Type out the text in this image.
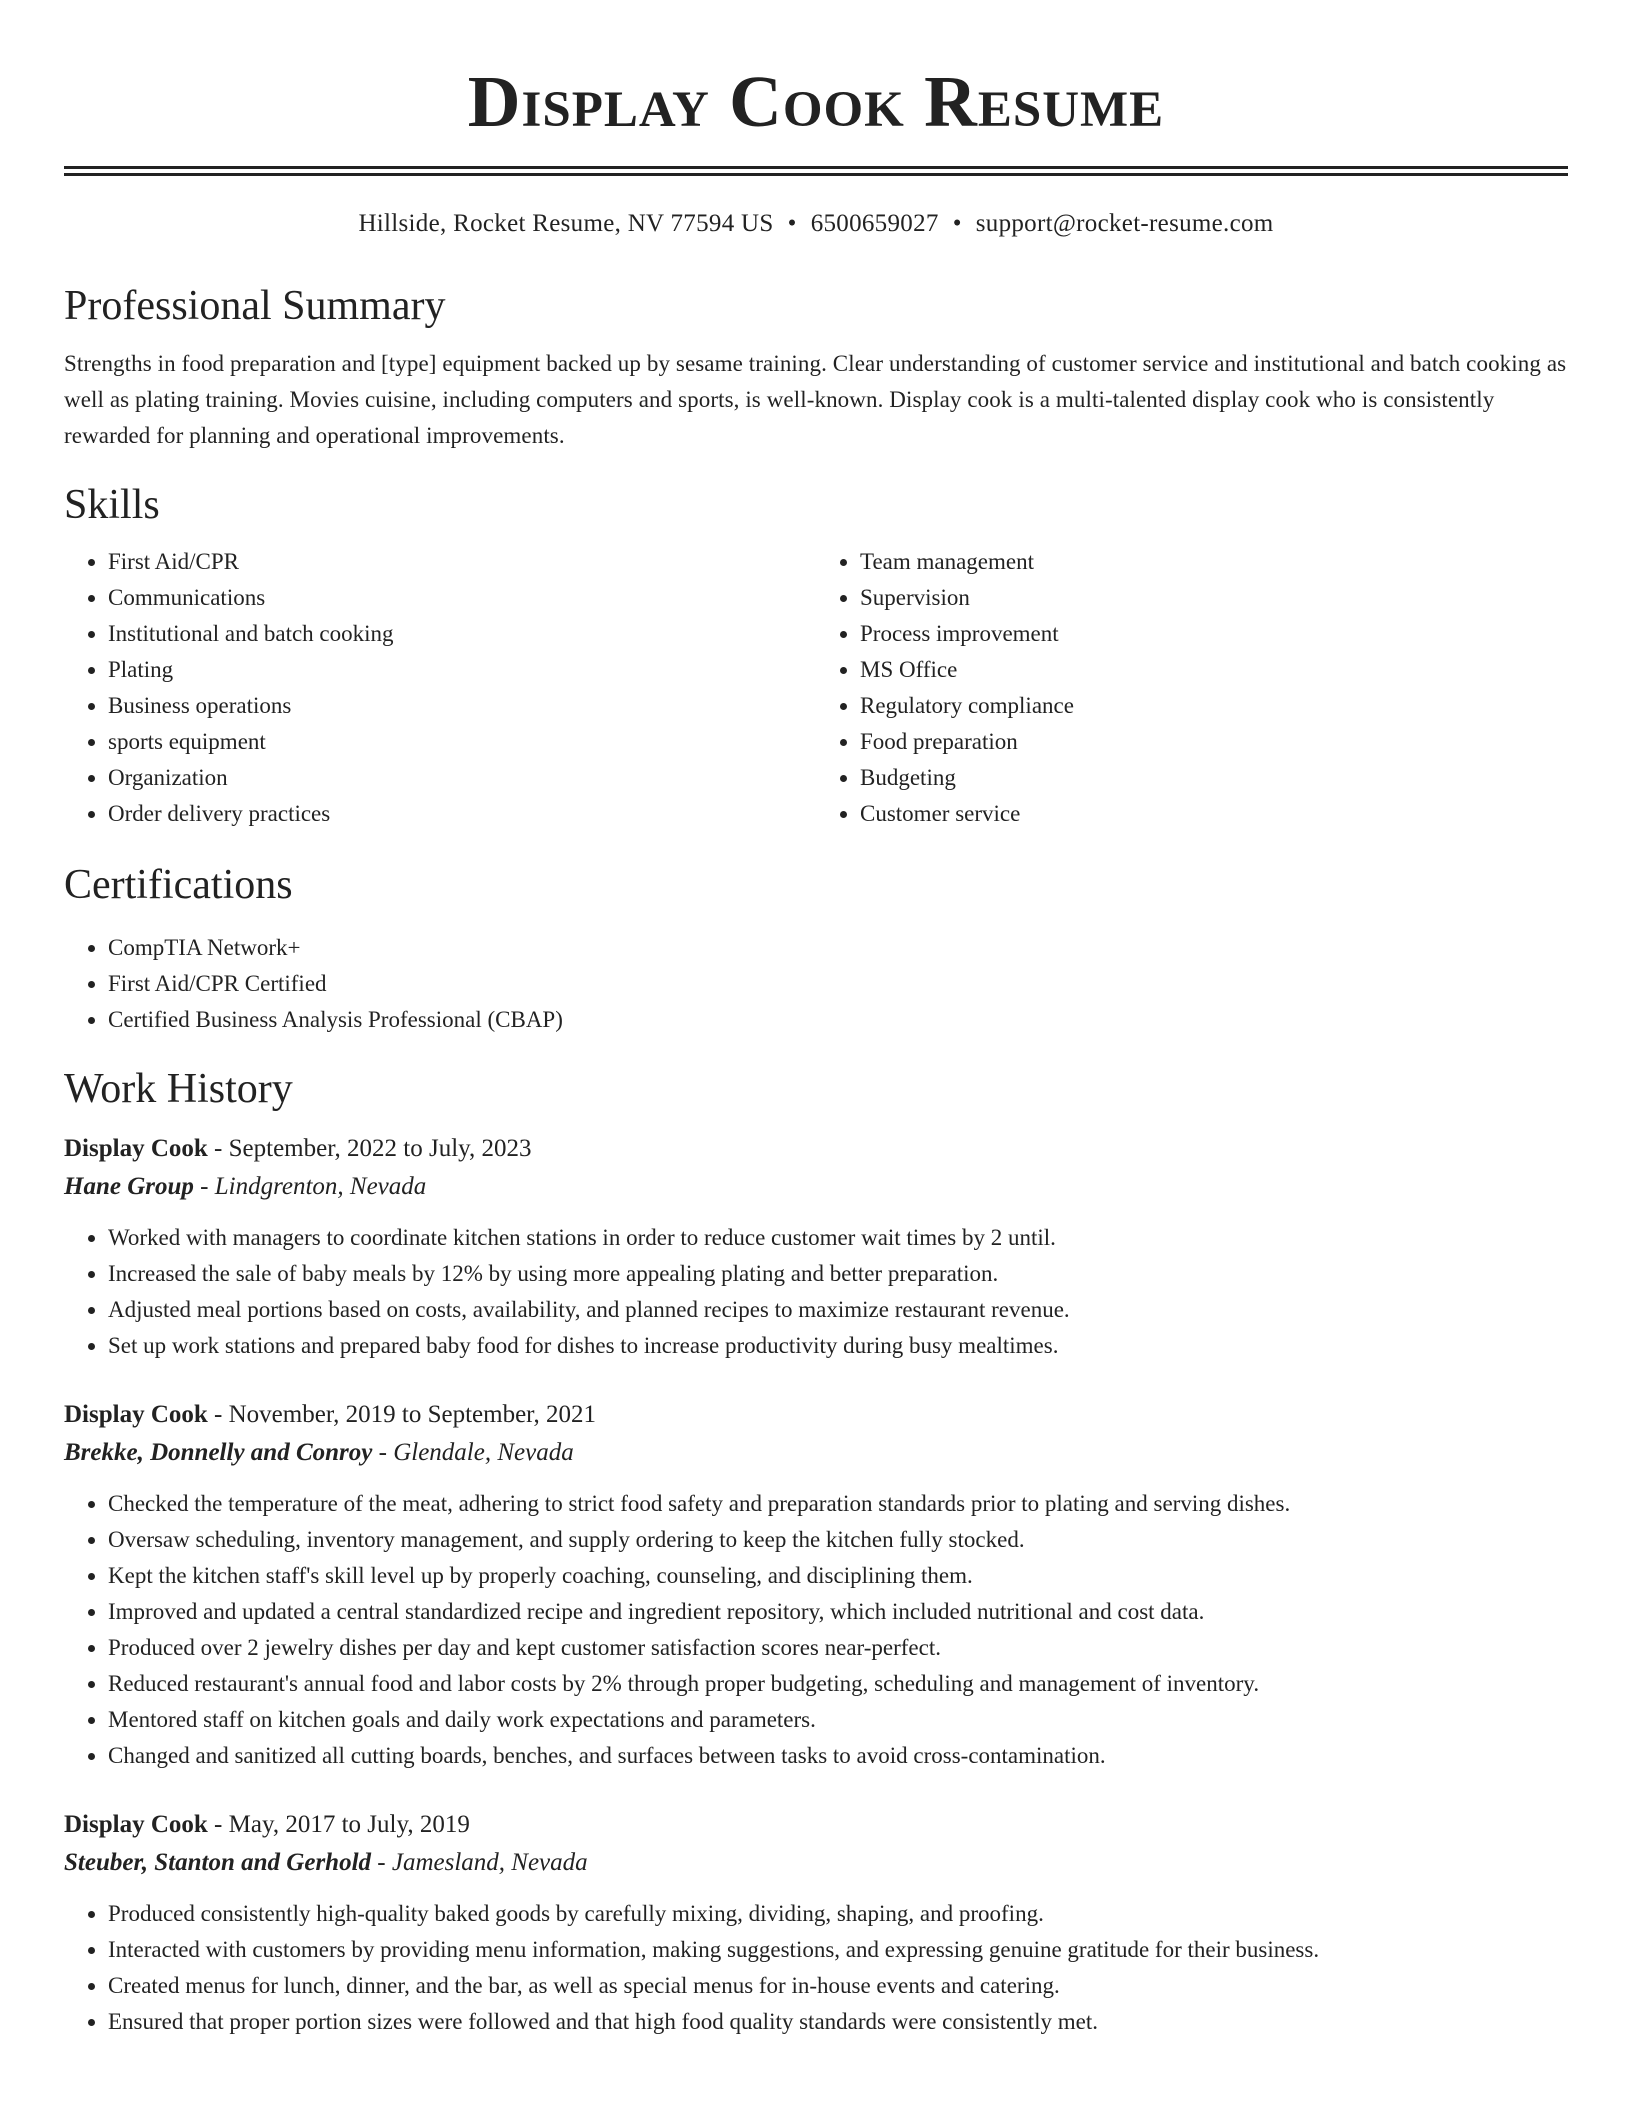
Display Cook Resume
Hillside, Rocket Resume, NV 77594 US • 6500659027 • support@rocket-resume.com
Professional Summary
Strengths in food preparation and [type] equipment backed up by sesame training. Clear understanding of customer service and institutional and batch cooking as well as plating training. Movies cuisine, including computers and sports, is well-known. Display cook is a multi-talented display cook who is consistently rewarded for planning and operational improvements.
Skills
• First Aid/CPR
• Communications
• Institutional and batch cooking
• Plating
• Business operations
• sports equipment
• Organization
• Order delivery practices
• Team management
• Supervision
• Process improvement
• MS Office
• Regulatory compliance
• Food preparation
• Budgeting
• Customer service
Certifications
• CompTIA Network+
• First Aid/CPR Certified
• Certified Business Analysis Professional (CBAP)
Work History
Display Cook - September, 2022 to July, 2023
Hane Group - Lindgrenton, Nevada
• Worked with managers to coordinate kitchen stations in order to reduce customer wait times by 2 until.
• Increased the sale of baby meals by 12% by using more appealing plating and better preparation.
• Adjusted meal portions based on costs, availability, and planned recipes to maximize restaurant revenue.
• Set up work stations and prepared baby food for dishes to increase productivity during busy mealtimes.
Display Cook - November, 2019 to September, 2021
Brekke, Donnelly and Conroy - Glendale, Nevada
• Checked the temperature of the meat, adhering to strict food safety and preparation standards prior to plating and serving dishes.
• Oversaw scheduling, inventory management, and supply ordering to keep the kitchen fully stocked.
• Kept the kitchen staff's skill level up by properly coaching, counseling, and disciplining them.
• Improved and updated a central standardized recipe and ingredient repository, which included nutritional and cost data.
• Produced over 2 jewelry dishes per day and kept customer satisfaction scores near-perfect.
• Reduced restaurant's annual food and labor costs by 2% through proper budgeting, scheduling and management of inventory.
• Mentored staff on kitchen goals and daily work expectations and parameters.
• Changed and sanitized all cutting boards, benches, and surfaces between tasks to avoid cross-contamination.
Display Cook - May, 2017 to July, 2019
Steuber, Stanton and Gerhold - Jamesland, Nevada
• Produced consistently high-quality baked goods by carefully mixing, dividing, shaping, and proofing.
• Interacted with customers by providing menu information, making suggestions, and expressing genuine gratitude for their business.
• Created menus for lunch, dinner, and the bar, as well as special menus for in-house events and catering.
• Ensured that proper portion sizes were followed and that high food quality standards were consistently met.
